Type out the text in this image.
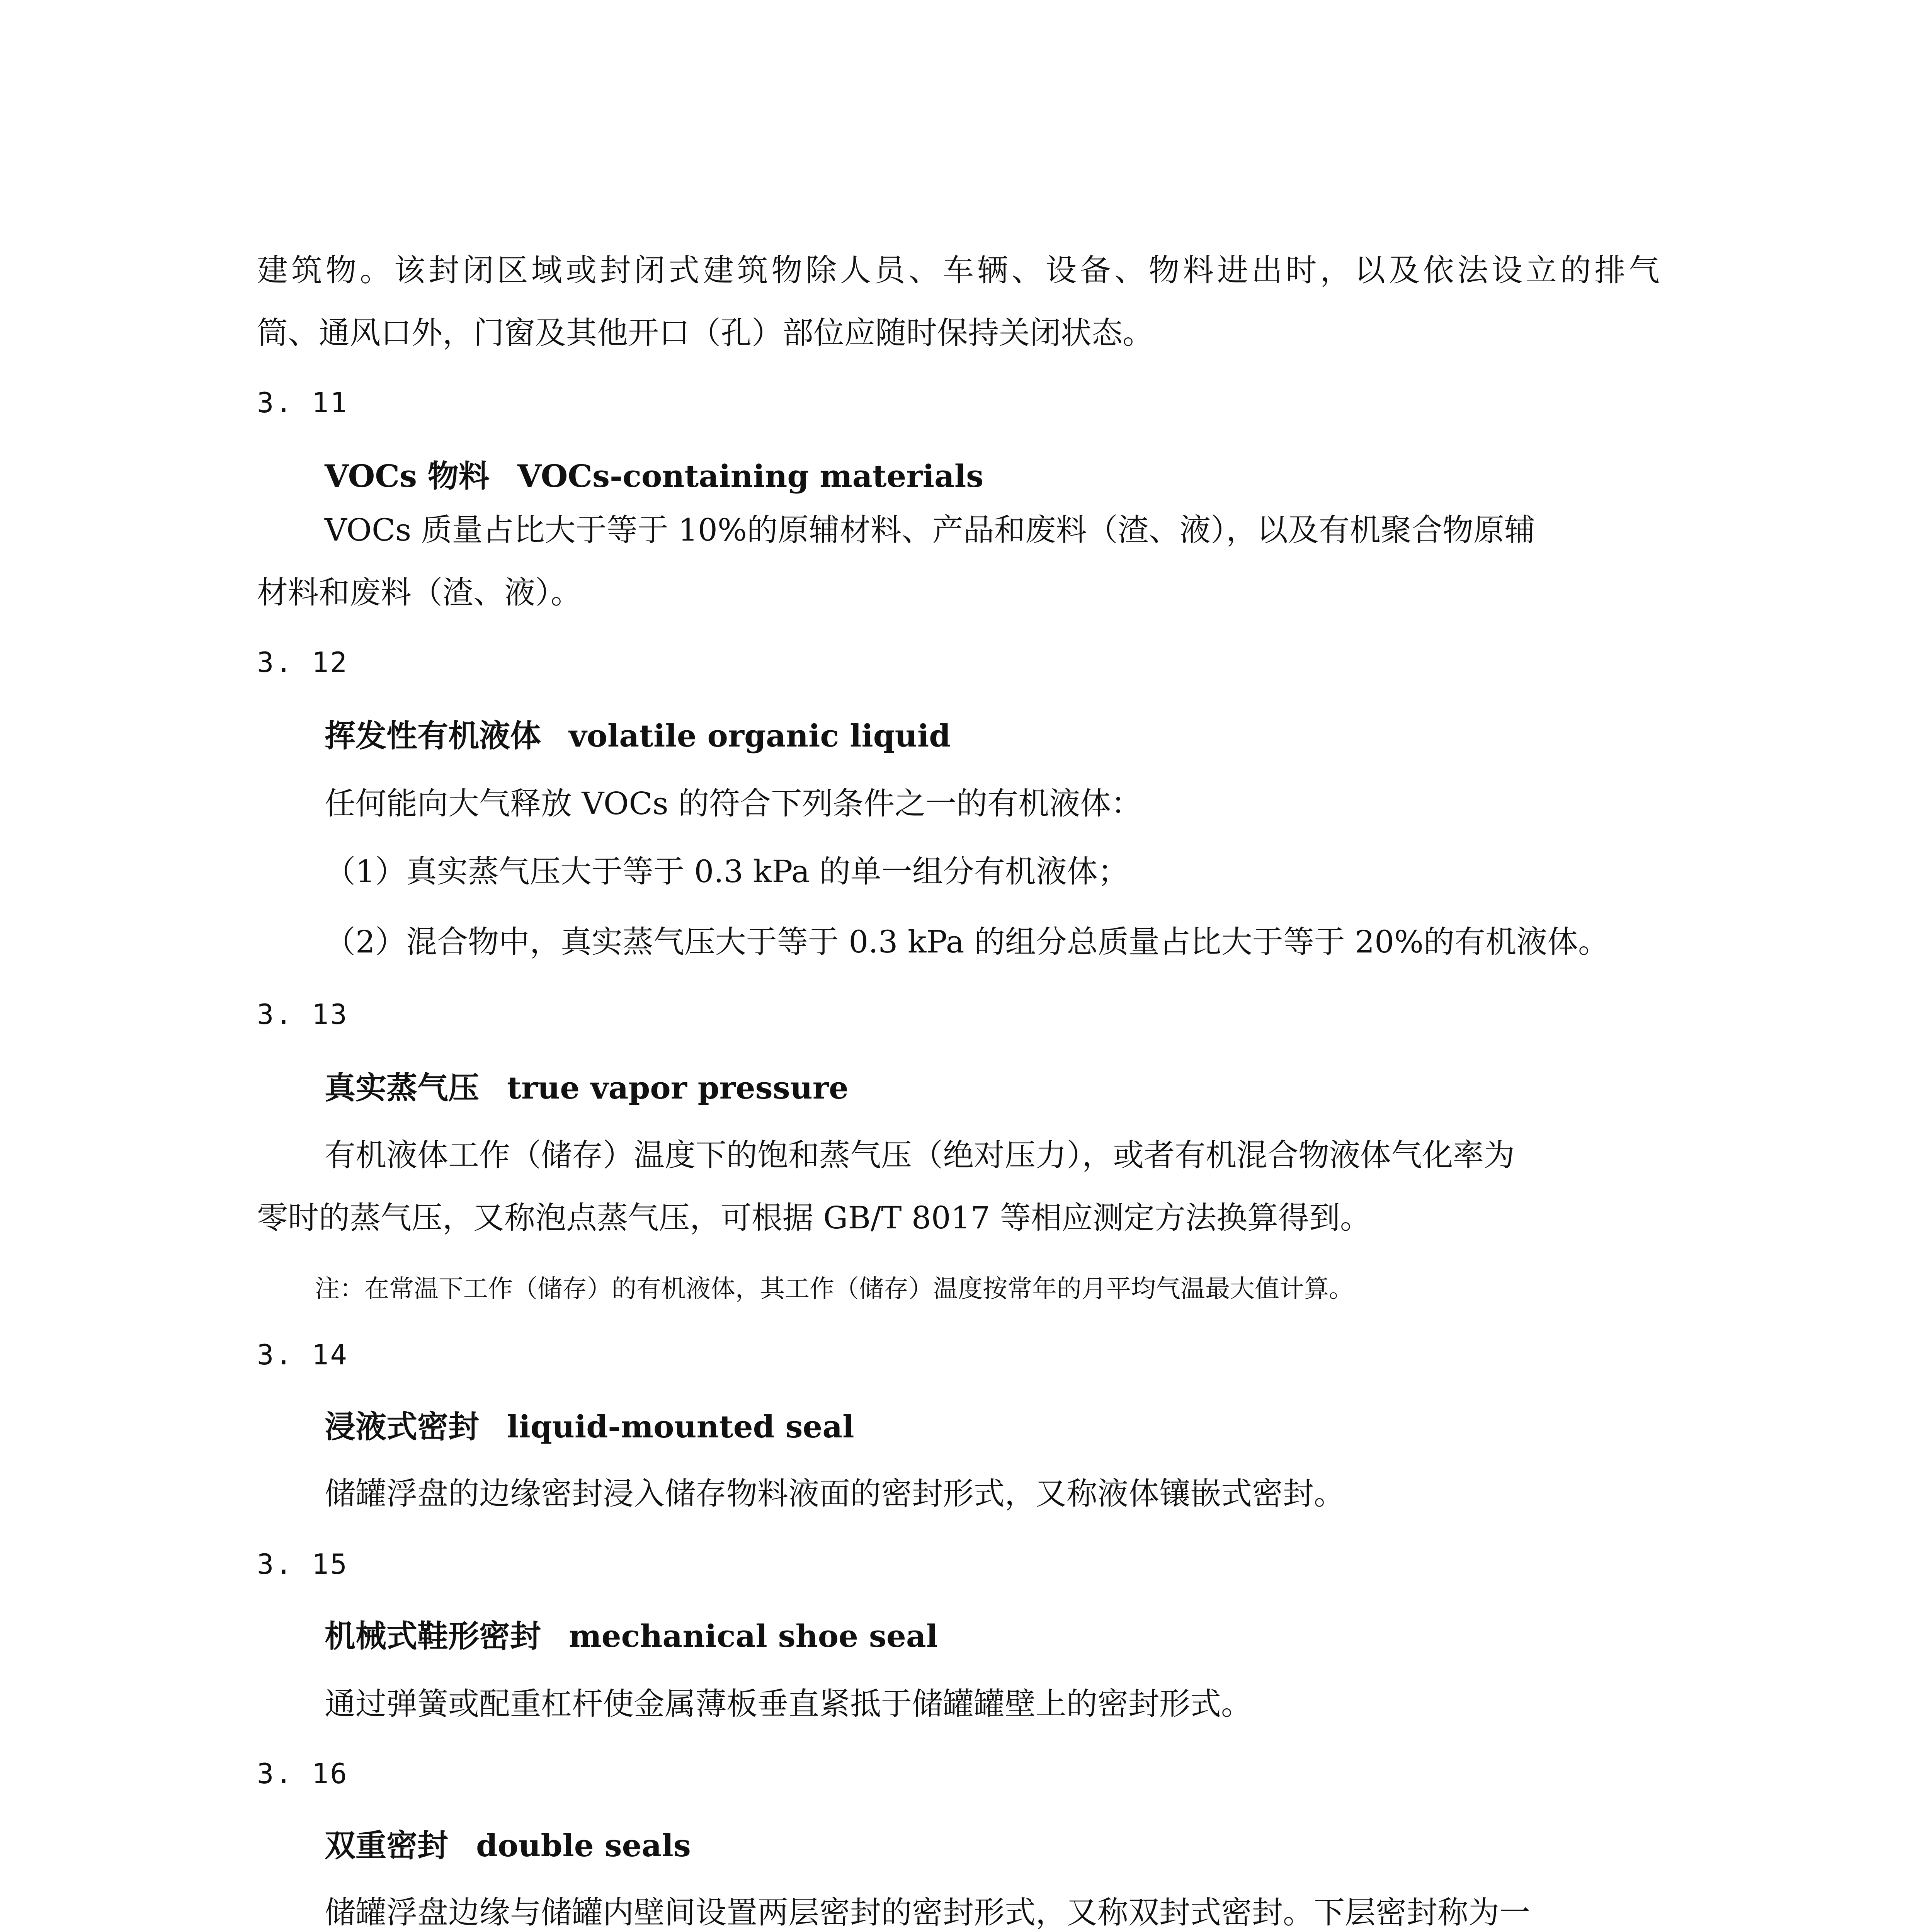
建筑物。该封闭区域或封闭式建筑物除人员、车辆、设备、物料进出时，以及依法设立的排气
筒、通风口外，门窗及其他开口（孔）部位应随时保持关闭状态。
3. 11
VOCs 物料 VOCs-containing materials
VOCs 质量占比大于等于 10%的原辅材料、产品和废料（渣、液），以及有机聚合物原辅
材料和废料（渣、液）。
3. 12
挥发性有机液体 volatile organic liquid
任何能向大气释放 VOCs 的符合下列条件之一的有机液体：
（1）真实蒸气压大于等于 0.3 kPa 的单一组分有机液体；
（2）混合物中，真实蒸气压大于等于 0.3 kPa 的组分总质量占比大于等于 20%的有机液体。
3. 13
真实蒸气压 true vapor pressure
有机液体工作（储存）温度下的饱和蒸气压（绝对压力），或者有机混合物液体气化率为
零时的蒸气压，又称泡点蒸气压，可根据 GB/T 8017 等相应测定方法换算得到。
注：在常温下工作（储存）的有机液体，其工作（储存）温度按常年的月平均气温最大值计算。
3. 14
浸液式密封 liquid-mounted seal
储罐浮盘的边缘密封浸入储存物料液面的密封形式，又称液体镶嵌式密封。
3. 15
机械式鞋形密封 mechanical shoe seal
通过弹簧或配重杠杆使金属薄板垂直紧抵于储罐罐壁上的密封形式。
3. 16
双重密封 double seals
储罐浮盘边缘与储罐内壁间设置两层密封的密封形式，又称双封式密封。下层密封称为一
